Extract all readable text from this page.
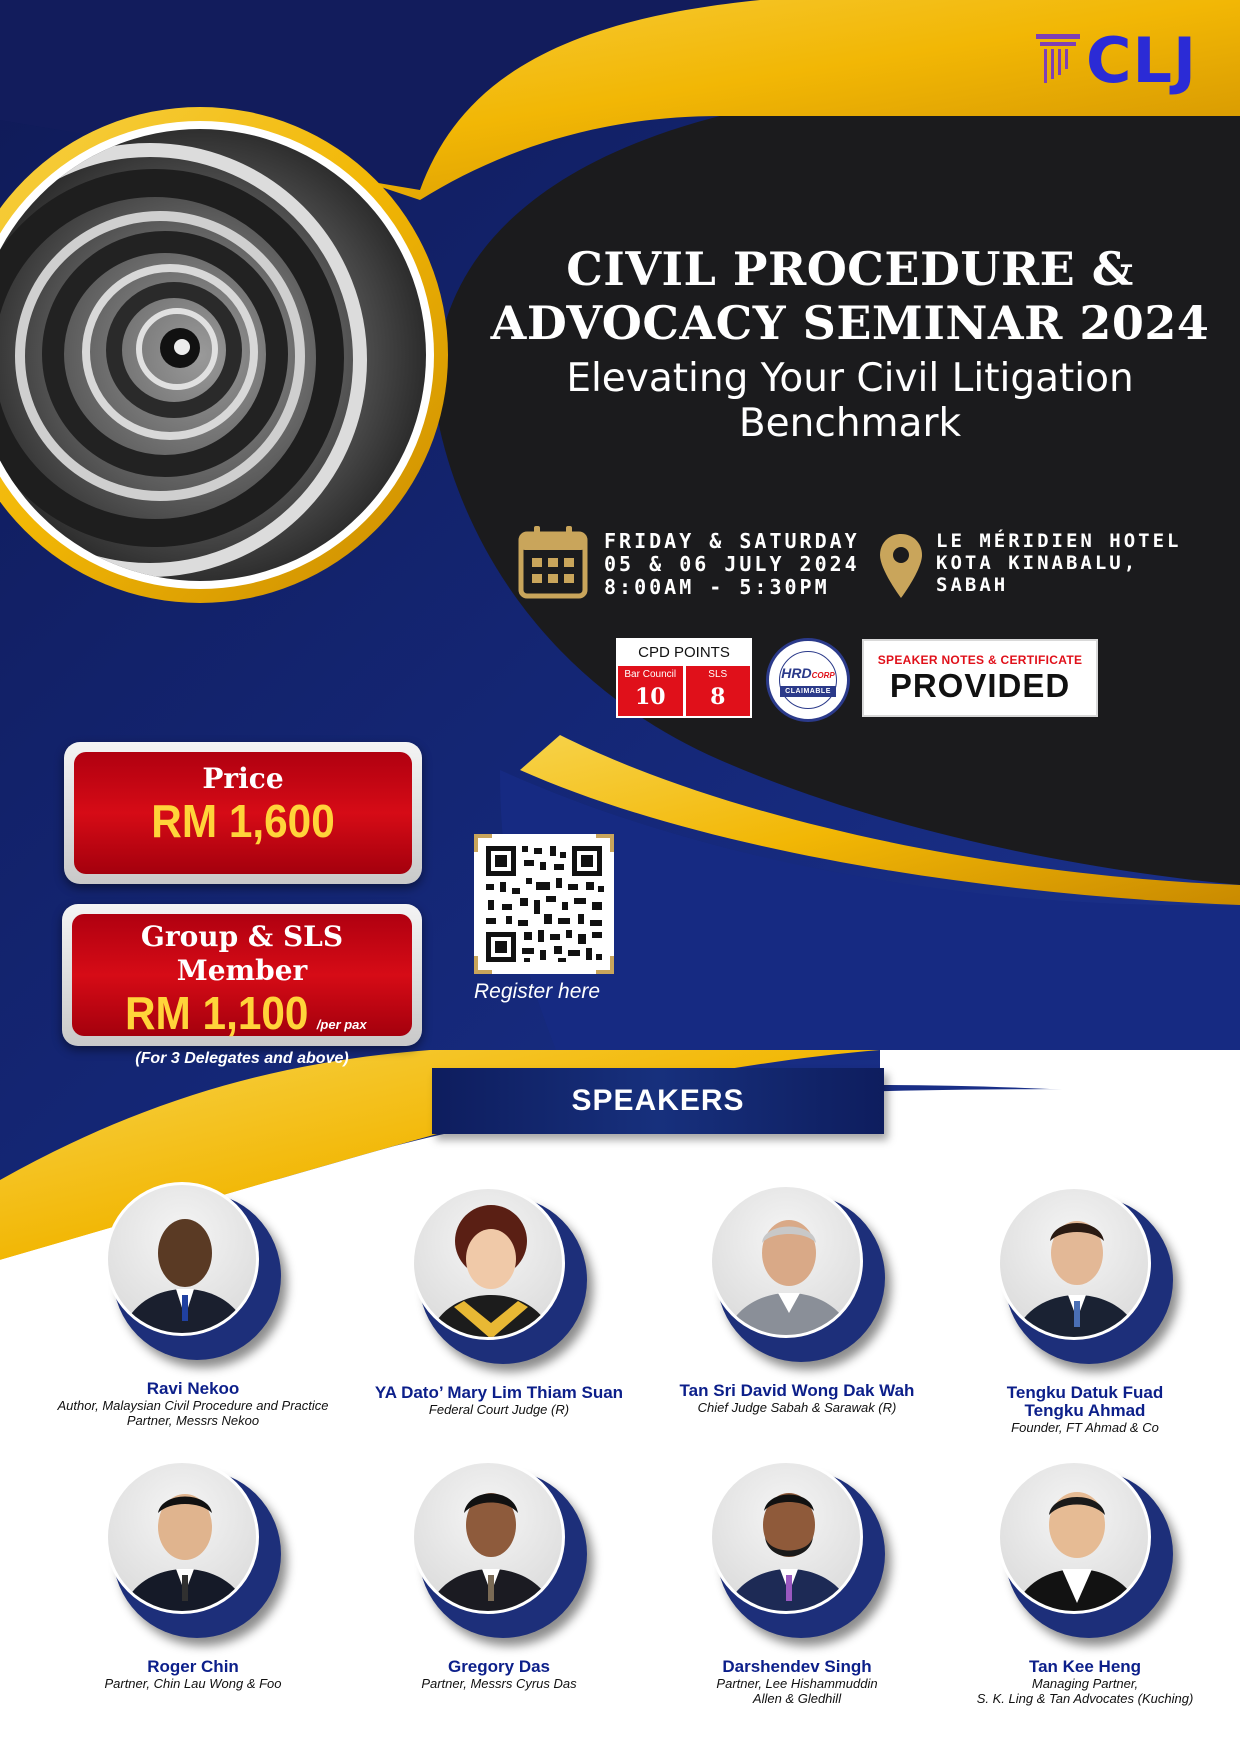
CLJ
CIVIL PROCEDURE &
ADVOCACY SEMINAR 2024
Elevating Your Civil Litigation
Benchmark
FRIDAY & SATURDAY
05 & 06 JULY 2024
8:00AM - 5:30PM
LE MÉRIDIEN HOTEL
KOTA KINABALU,
SABAH
CPD POINTS
Bar Council
10
SLS
8
HRDCORP
CLAIMABLE
SPEAKER NOTES & CERTIFICATE
PROVIDED
Price
RM 1,600
Group & SLS Member
RM 1,100 /per pax
(For 3 Delegates and above)
Register here
SPEAKERS
Ravi Nekoo
Author, Malaysian Civil Procedure and Practice
Partner, Messrs Nekoo
YA Dato’ Mary Lim Thiam Suan
Federal Court Judge (R)
Tan Sri David Wong Dak Wah
Chief Judge Sabah & Sarawak (R)
Tengku Datuk Fuad
Tengku Ahmad
Founder, FT Ahmad & Co
Roger Chin
Partner, Chin Lau Wong & Foo
Gregory Das
Partner, Messrs Cyrus Das
Darshendev Singh
Partner, Lee Hishammuddin
Allen & Gledhill
Tan Kee Heng
Managing Partner,
S. K. Ling & Tan Advocates (Kuching)
